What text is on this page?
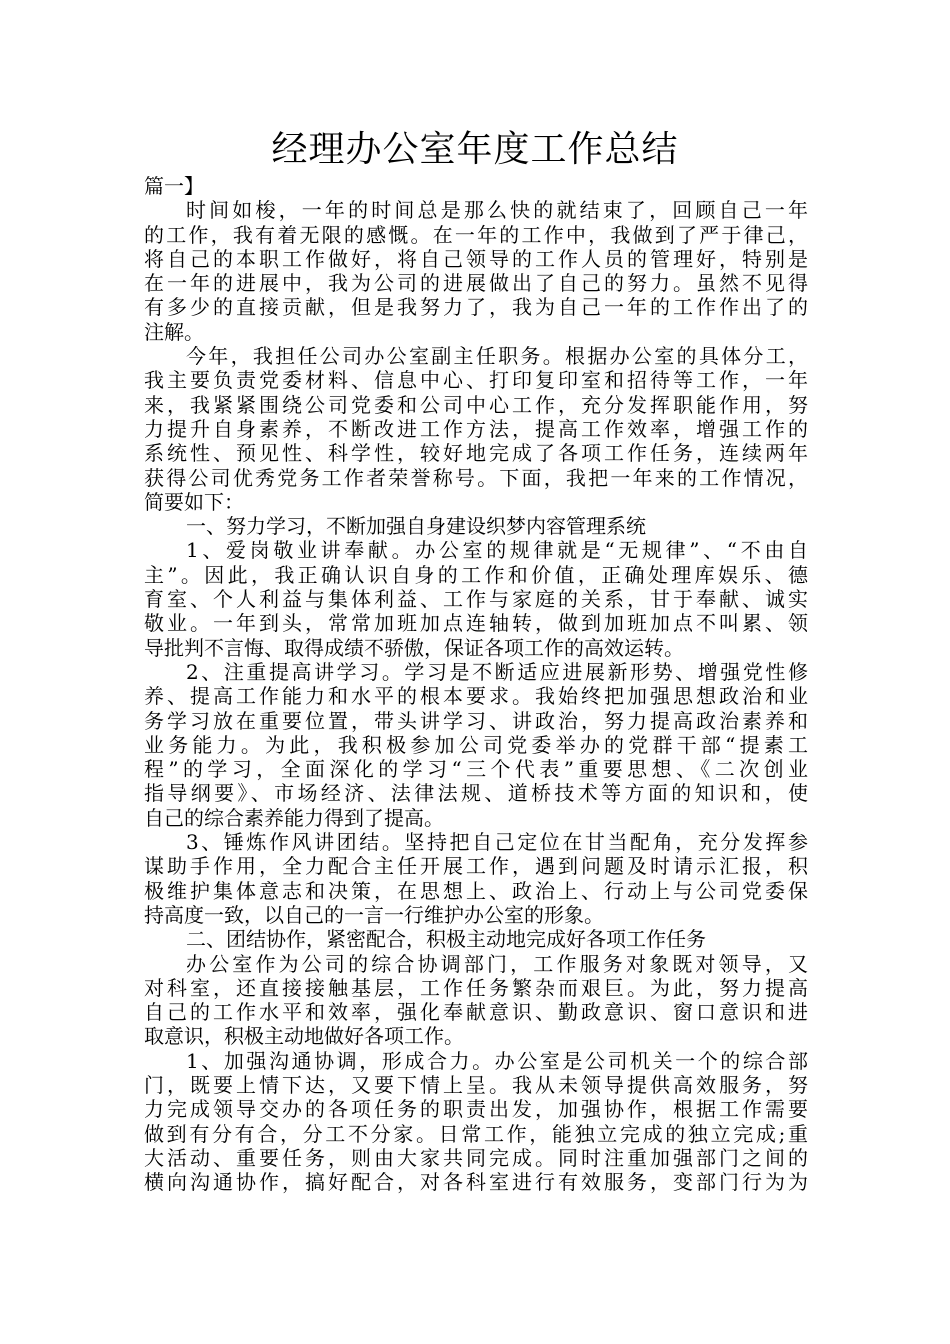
经理办公室年度工作总结
篇一】
时间如梭，一年的时间总是那么快的就结束了，回顾自己一年
的工作，我有着无限的感慨。在一年的工作中，我做到了严于律己，
将自己的本职工作做好，将自己领导的工作人员的管理好，特别是
在一年的进展中，我为公司的进展做出了自己的努力。虽然不见得
有多少的直接贡献，但是我努力了，我为自己一年的工作作出了的
注解。
今年，我担任公司办公室副主任职务。根据办公室的具体分工，
我主要负责党委材料、信息中心、打印复印室和招待等工作，一年
来，我紧紧围绕公司党委和公司中心工作，充分发挥职能作用，努
力提升自身素养，不断改进工作方法，提高工作效率，增强工作的
系统性、预见性、科学性，较好地完成了各项工作任务，连续两年
获得公司优秀党务工作者荣誉称号。下面，我把一年来的工作情况，
简要如下：
一、努力学习，不断加强自身建设织梦内容管理系统
1、爱岗敬业讲奉献。办公室的规律就是“无规律”、“不由自
主”。因此，我正确认识自身的工作和价值，正确处理库娱乐、德
育室、个人利益与集体利益、工作与家庭的关系，甘于奉献、诚实
敬业。一年到头，常常加班加点连轴转，做到加班加点不叫累、领
导批判不言悔、取得成绩不骄傲，保证各项工作的高效运转。
2、注重提高讲学习。学习是不断适应进展新形势、增强党性修
养、提高工作能力和水平的根本要求。我始终把加强思想政治和业
务学习放在重要位置，带头讲学习、讲政治，努力提高政治素养和
业务能力。为此，我积极参加公司党委举办的党群干部“提素工
程”的学习，全面深化的学习“三个代表”重要思想、《二次创业
指导纲要》、市场经济、法律法规、道桥技术等方面的知识和，使
自己的综合素养能力得到了提高。
3、锤炼作风讲团结。坚持把自己定位在甘当配角，充分发挥参
谋助手作用，全力配合主任开展工作，遇到问题及时请示汇报，积
极维护集体意志和决策，在思想上、政治上、行动上与公司党委保
持高度一致，以自己的一言一行维护办公室的形象。
二、团结协作，紧密配合，积极主动地完成好各项工作任务
办公室作为公司的综合协调部门，工作服务对象既对领导，又
对科室，还直接接触基层，工作任务繁杂而艰巨。为此，努力提高
自己的工作水平和效率，强化奉献意识、勤政意识、窗口意识和进
取意识，积极主动地做好各项工作。
1、加强沟通协调，形成合力。办公室是公司机关一个的综合部
门，既要上情下达，又要下情上呈。我从未领导提供高效服务，努
力完成领导交办的各项任务的职责出发，加强协作，根据工作需要
做到有分有合，分工不分家。日常工作，能独立完成的独立完成;重
大活动、重要任务，则由大家共同完成。同时注重加强部门之间的
横向沟通协作，搞好配合，对各科室进行有效服务，变部门行为为
